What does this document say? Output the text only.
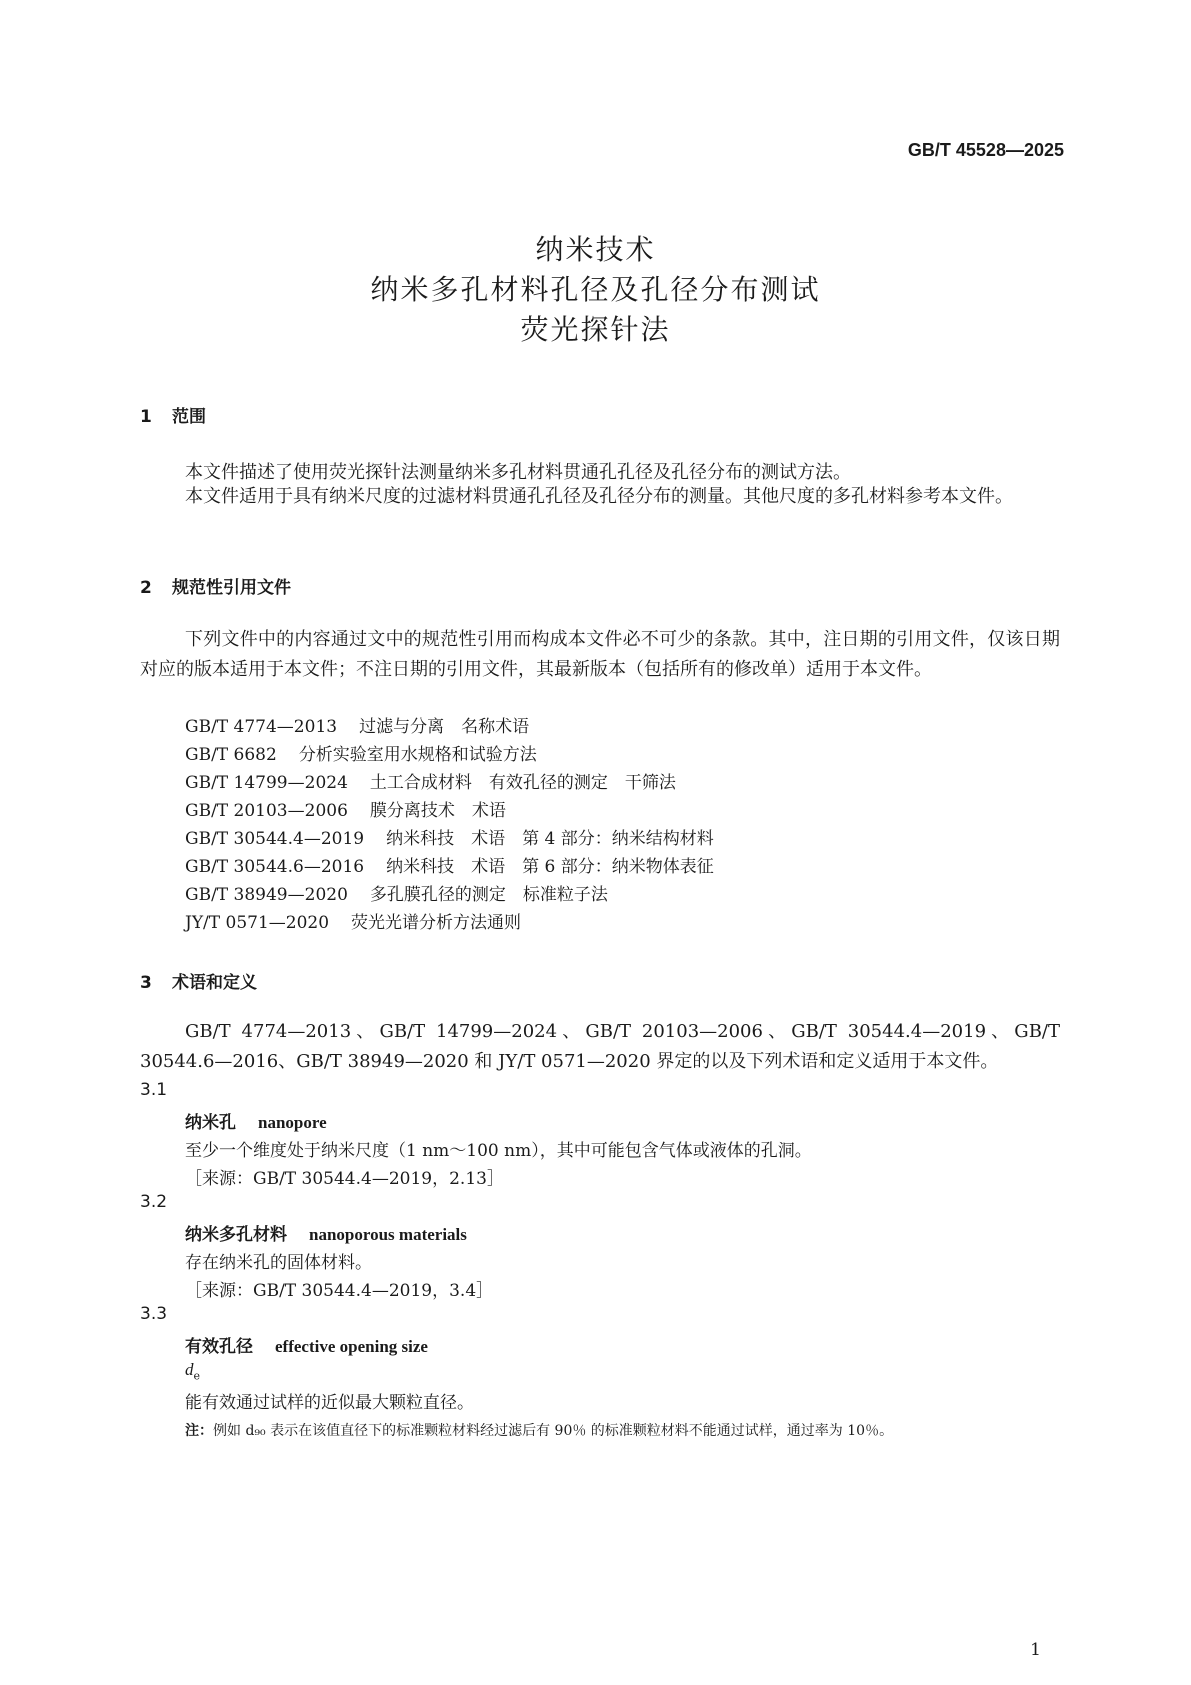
GB/T 45528—2025
纳米技术
纳米多孔材料孔径及孔径分布测试
荧光探针法
1 范围
本文件描述了使用荧光探针法测量纳米多孔材料贯通孔孔径及孔径分布的测试方法。
本文件适用于具有纳米尺度的过滤材料贯通孔孔径及孔径分布的测量。其他尺度的多孔材料参考本文件。
2 规范性引用文件
下列文件中的内容通过文中的规范性引用而构成本文件必不可少的条款。其中，注日期的引用文件，仅该日期对应的版本适用于本文件；不注日期的引用文件，其最新版本（包括所有的修改单）适用于本文件。
GB/T 4774—2013 过滤与分离　名称术语
GB/T 6682 分析实验室用水规格和试验方法
GB/T 14799—2024 土工合成材料　有效孔径的测定　干筛法
GB/T 20103—2006 膜分离技术　术语
GB/T 30544.4—2019 纳米科技　术语　第 4 部分：纳米结构材料
GB/T 30544.6—2016 纳米科技　术语　第 6 部分：纳米物体表征
GB/T 38949—2020 多孔膜孔径的测定　标准粒子法
JY/T 0571—2020 荧光光谱分析方法通则
3 术语和定义
GB/T 4774—2013、GB/T 14799—2024、GB/T 20103—2006、GB/T 30544.4—2019、GB/T 30544.6—2016、GB/T 38949—2020 和 JY/T 0571—2020 界定的以及下列术语和定义适用于本文件。
3.1
纳米孔 nanopore
至少一个维度处于纳米尺度（1 nm～100 nm），其中可能包含气体或液体的孔洞。
［来源：GB/T 30544.4—2019，2.13］
3.2
纳米多孔材料 nanoporous materials
存在纳米孔的固体材料。
［来源：GB/T 30544.4—2019，3.4］
3.3
有效孔径 effective opening size
$d_e$
能有效通过试样的近似最大颗粒直径。
注：例如 d₉₀ 表示在该值直径下的标准颗粒材料经过滤后有 90％ 的标准颗粒材料不能通过试样，通过率为 10％。
1
